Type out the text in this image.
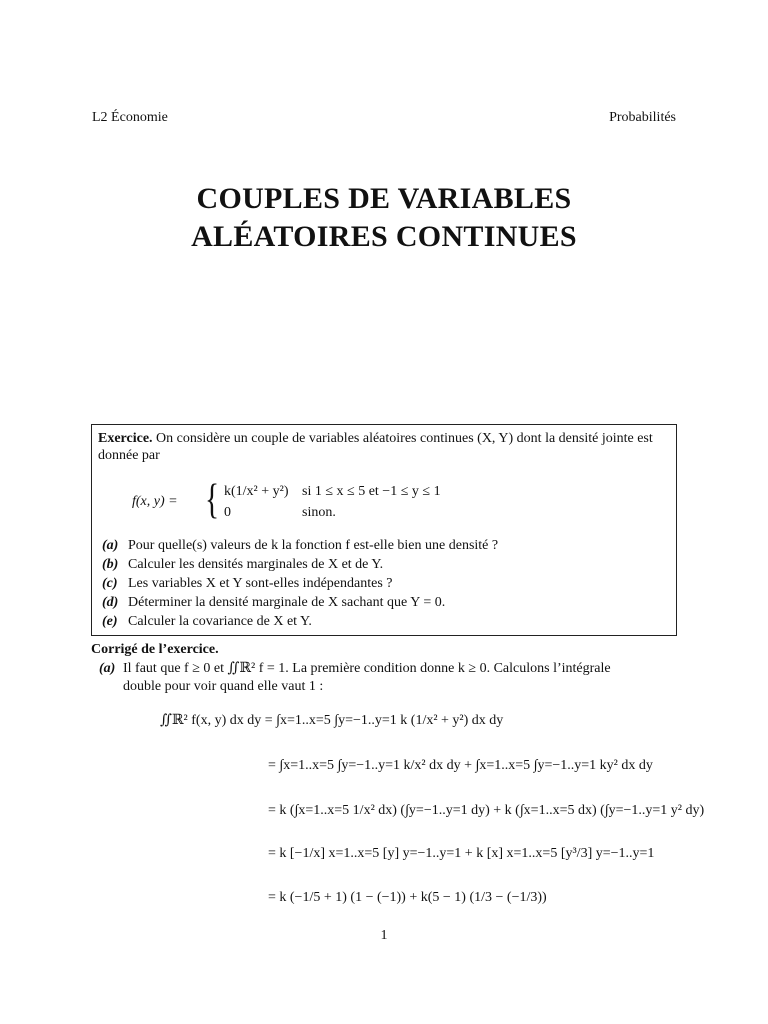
L2 Économie	Probabilités
COUPLES DE VARIABLES
ALÉATOIRES CONTINUES

Exercice. On considère un couple de variables aléatoires continues (X, Y) dont la densité jointe est donnée par

f(x, y) = { k(1/x² + y²) si 1 ≤ x ≤ 5 et −1 ≤ y ≤ 1
0	sinon.
(a) Pour quelle(s) valeurs de k la fonction f est-elle bien une densité ?
(b) Calculer les densités marginales de X et de Y.
(c) Les variables X et Y sont-elles indépendantes ?
(d) Déterminer la densité marginale de X sachant que Y = 0.
(e) Calculer la covariance de X et Y.
Corrigé de l’exercice.
(a) Il faut que f ≥ 0 et ∬ℝ² f = 1. La première condition donne k ≥ 0. Calculons l’intégrale
double pour voir quand elle vaut 1 :
∬ℝ² f(x, y) dx dy = ∫x=1..x=5 ∫y=−1..y=1 k (1/x² + y²) dx dy
= ∫x=1..x=5 ∫y=−1..y=1 k/x² dx dy + ∫x=1..x=5 ∫y=−1..y=1 ky² dx dy
= k (∫x=1..x=5 1/x² dx) (∫y=−1..y=1 dy) + k (∫x=1..x=5 dx) (∫y=−1..y=1 y² dy)
= k [−1/x] x=1..x=5 [y] y=−1..y=1 + k [x] x=1..x=5 [y³/3] y=−1..y=1
= k (−1/5 + 1) (1 − (−1)) + k(5 − 1) (1/3 − (−1/3))
1
